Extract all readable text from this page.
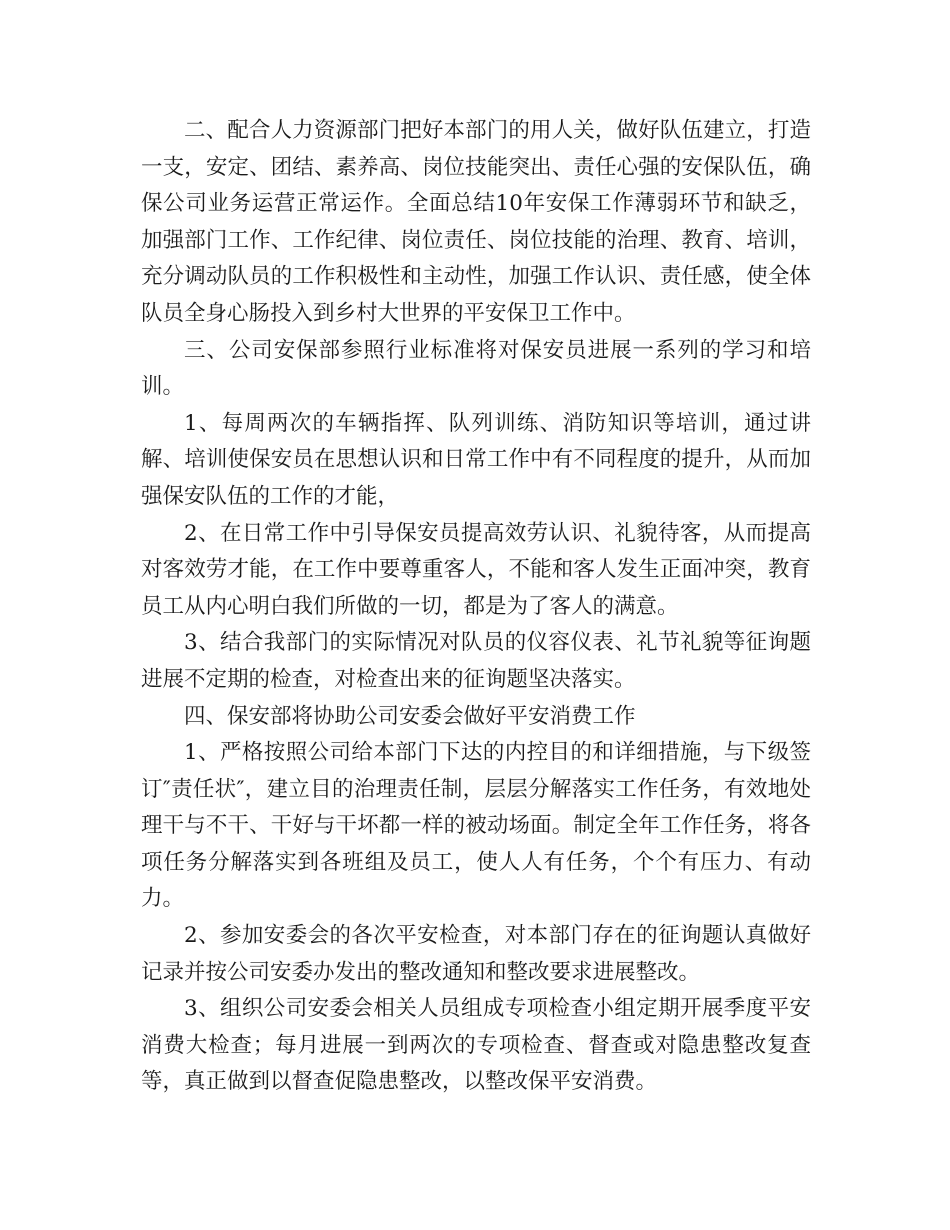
二、配合人力资源部门把好本部门的用人关，做好队伍建立，打造一支，安定、团结、素养高、岗位技能突出、责任心强的安保队伍，确保公司业务运营正常运作。全面总结10年安保工作薄弱环节和缺乏，加强部门工作、工作纪律、岗位责任、岗位技能的治理、教育、培训，充分调动队员的工作积极性和主动性，加强工作认识、责任感，使全体队员全身心肠投入到乡村大世界的平安保卫工作中。

三、公司安保部参照行业标准将对保安员进展一系列的学习和培训。

1、每周两次的车辆指挥、队列训练、消防知识等培训，通过讲解、培训使保安员在思想认识和日常工作中有不同程度的提升，从而加强保安队伍的工作的才能，

2、在日常工作中引导保安员提高效劳认识、礼貌待客，从而提高对客效劳才能，在工作中要尊重客人，不能和客人发生正面冲突，教育员工从内心明白我们所做的一切，都是为了客人的满意。

3、结合我部门的实际情况对队员的仪容仪表、礼节礼貌等征询题进展不定期的检查，对检查出来的征询题坚决落实。

四、保安部将协助公司安委会做好平安消费工作

1、严格按照公司给本部门下达的内控目的和详细措施，与下级签订″责任状″，建立目的治理责任制，层层分解落实工作任务，有效地处理干与不干、干好与干坏都一样的被动场面。制定全年工作任务，将各项任务分解落实到各班组及员工，使人人有任务，个个有压力、有动力。

2、参加安委会的各次平安检查，对本部门存在的征询题认真做好记录并按公司安委办发出的整改通知和整改要求进展整改。

3、组织公司安委会相关人员组成专项检查小组定期开展季度平安消费大检查；每月进展一到两次的专项检查、督查或对隐患整改复查等，真正做到以督查促隐患整改，以整改保平安消费。
